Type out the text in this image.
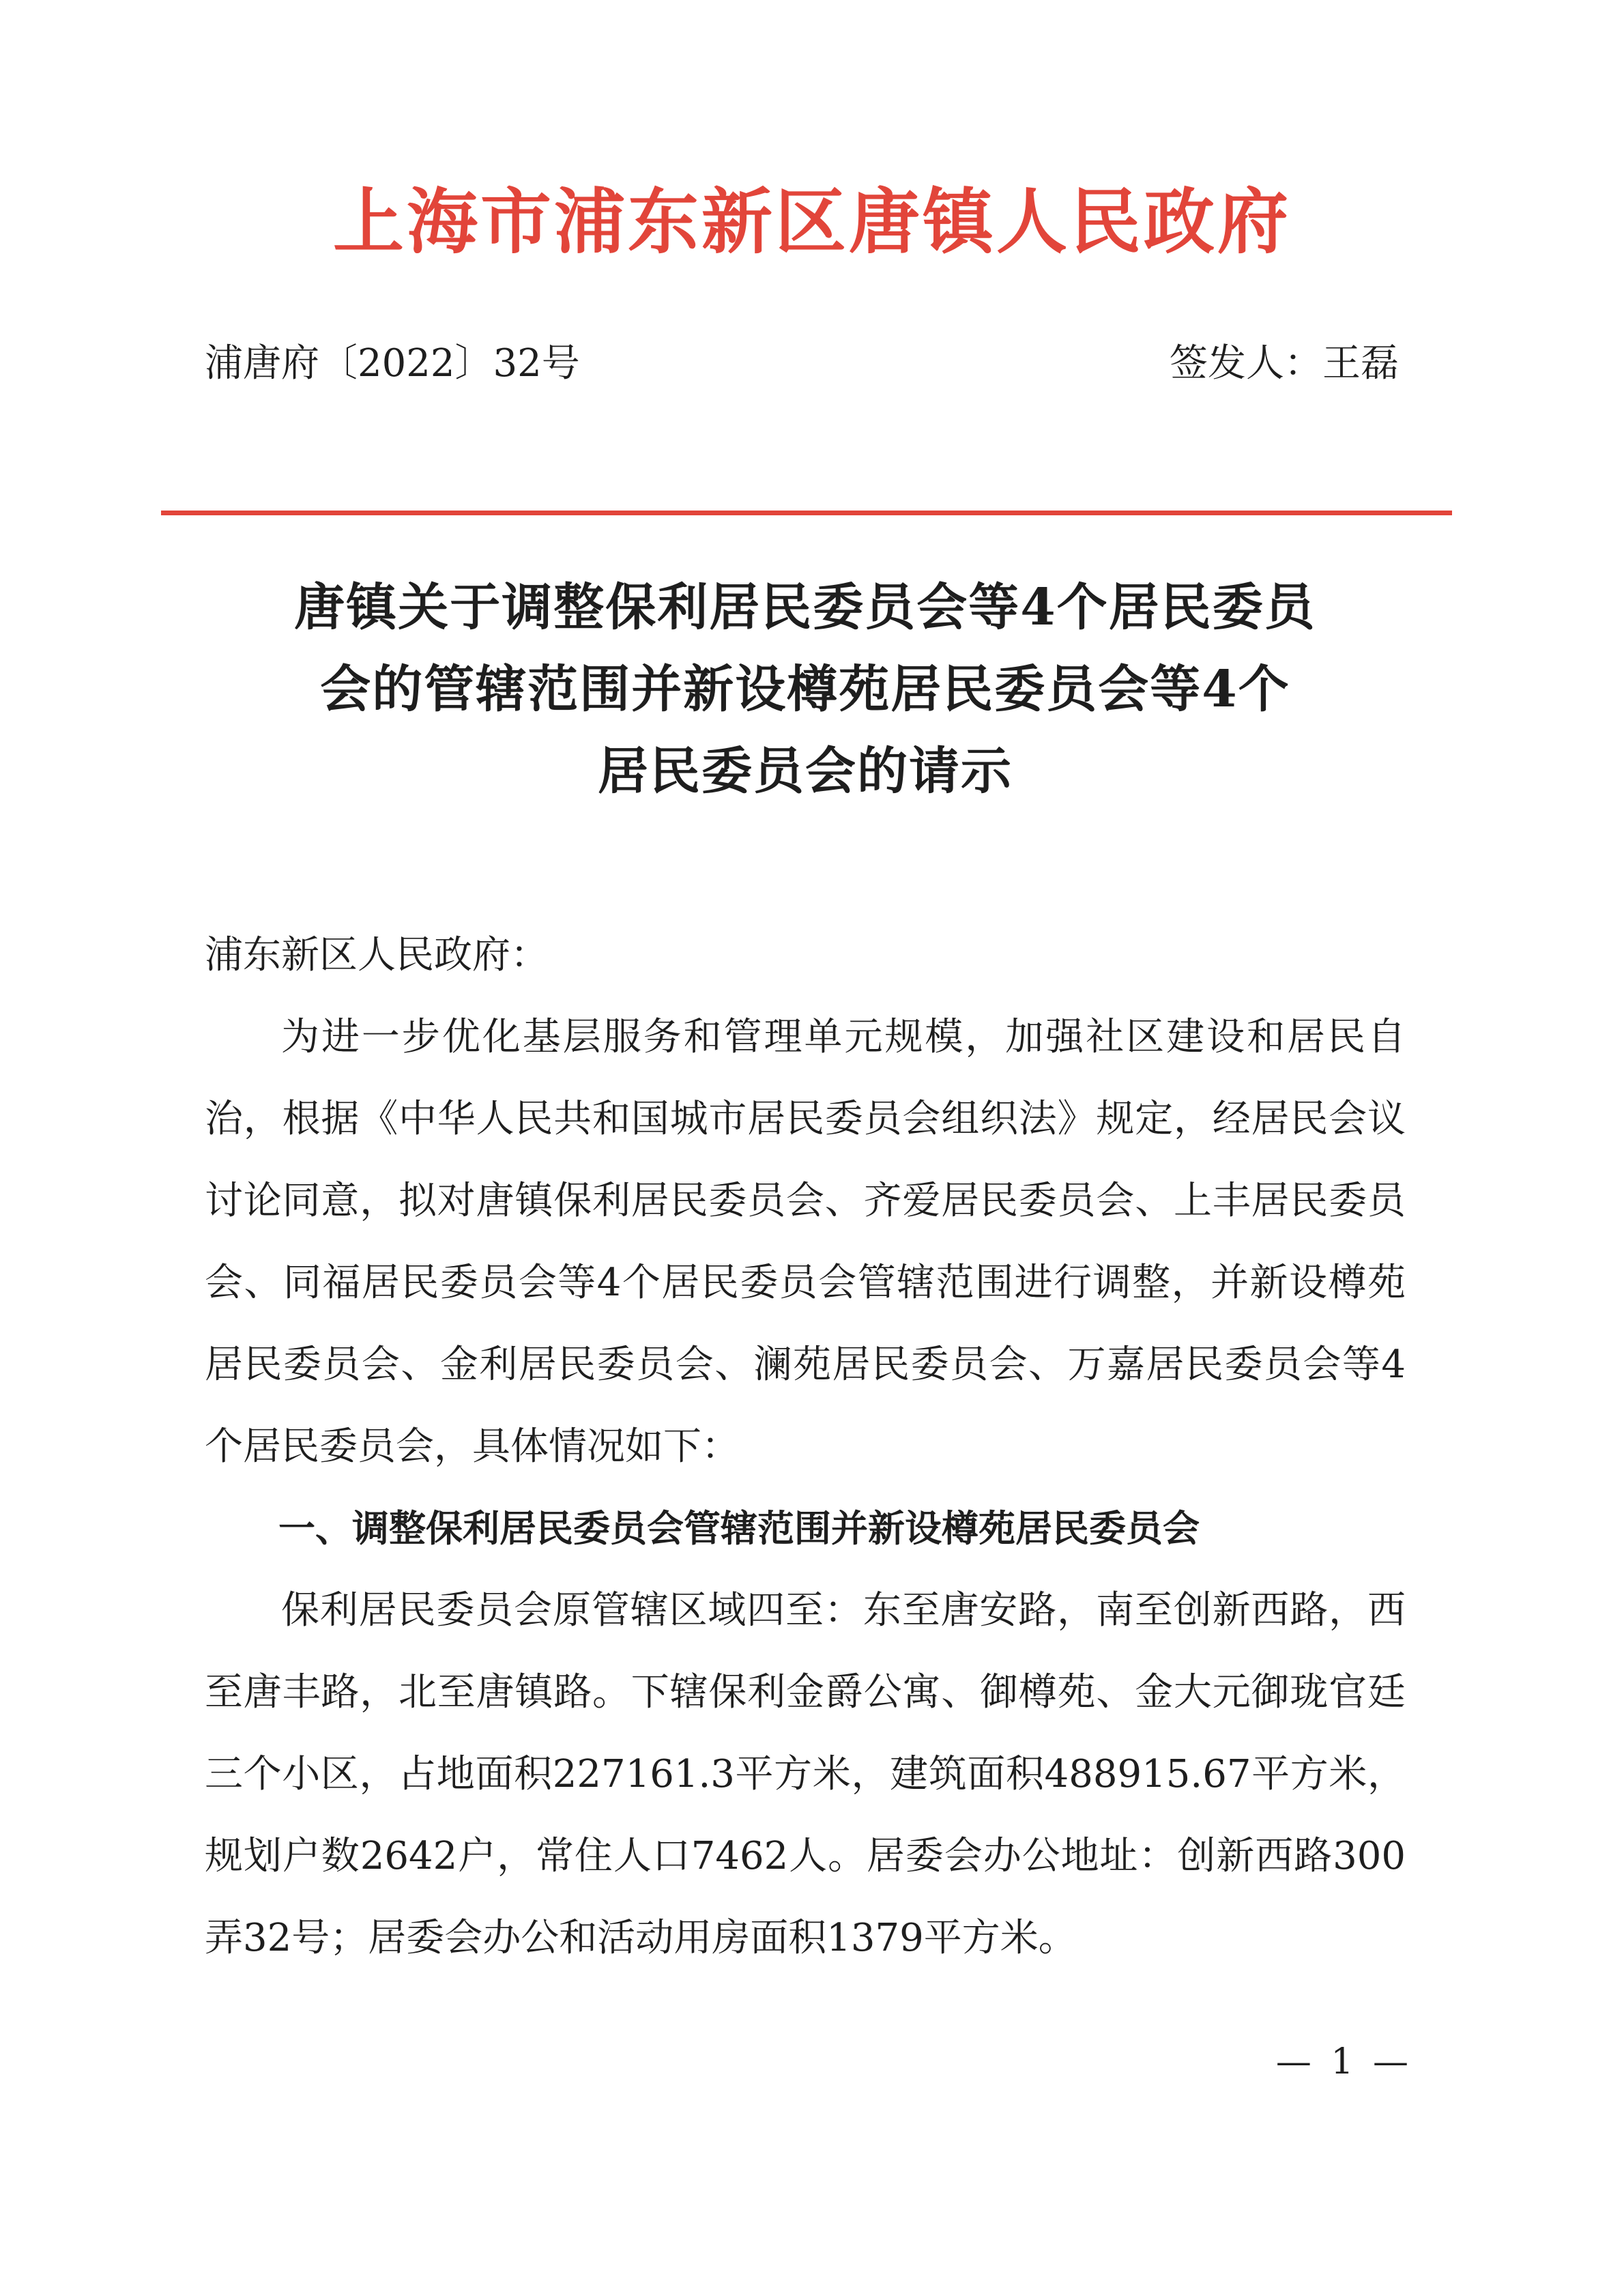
上海市浦东新区唐镇人民政府
浦唐府〔2022〕32号	签发人：王磊
唐镇关于调整保利居民委员会等4个居民委员
会的管辖范围并新设樽苑居民委员会等4个
居民委员会的请示

浦东新区人民政府：

为进一步优化基层服务和管理单元规模，加强社区建设和居民自治，根据《中华人民共和国城市居民委员会组织法》规定，经居民会议讨论同意，拟对唐镇保利居民委员会、齐爱居民委员会、上丰居民委员会、同福居民委员会等4个居民委员会管辖范围进行调整，并新设樽苑居民委员会、金利居民委员会、澜苑居民委员会、万嘉居民委员会等4个居民委员会，具体情况如下：

一、调整保利居民委员会管辖范围并新设樽苑居民委员会

保利居民委员会原管辖区域四至：东至唐安路，南至创新西路，西至唐丰路，北至唐镇路。下辖保利金爵公寓、御樽苑、金大元御珑官廷三个小区，占地面积227161.3平方米，建筑面积488915.67平方米，规划户数2642户，常住人口7462人。居委会办公地址：创新西路300弄32号；居委会办公和活动用房面积1379平方米。

— 1 —
